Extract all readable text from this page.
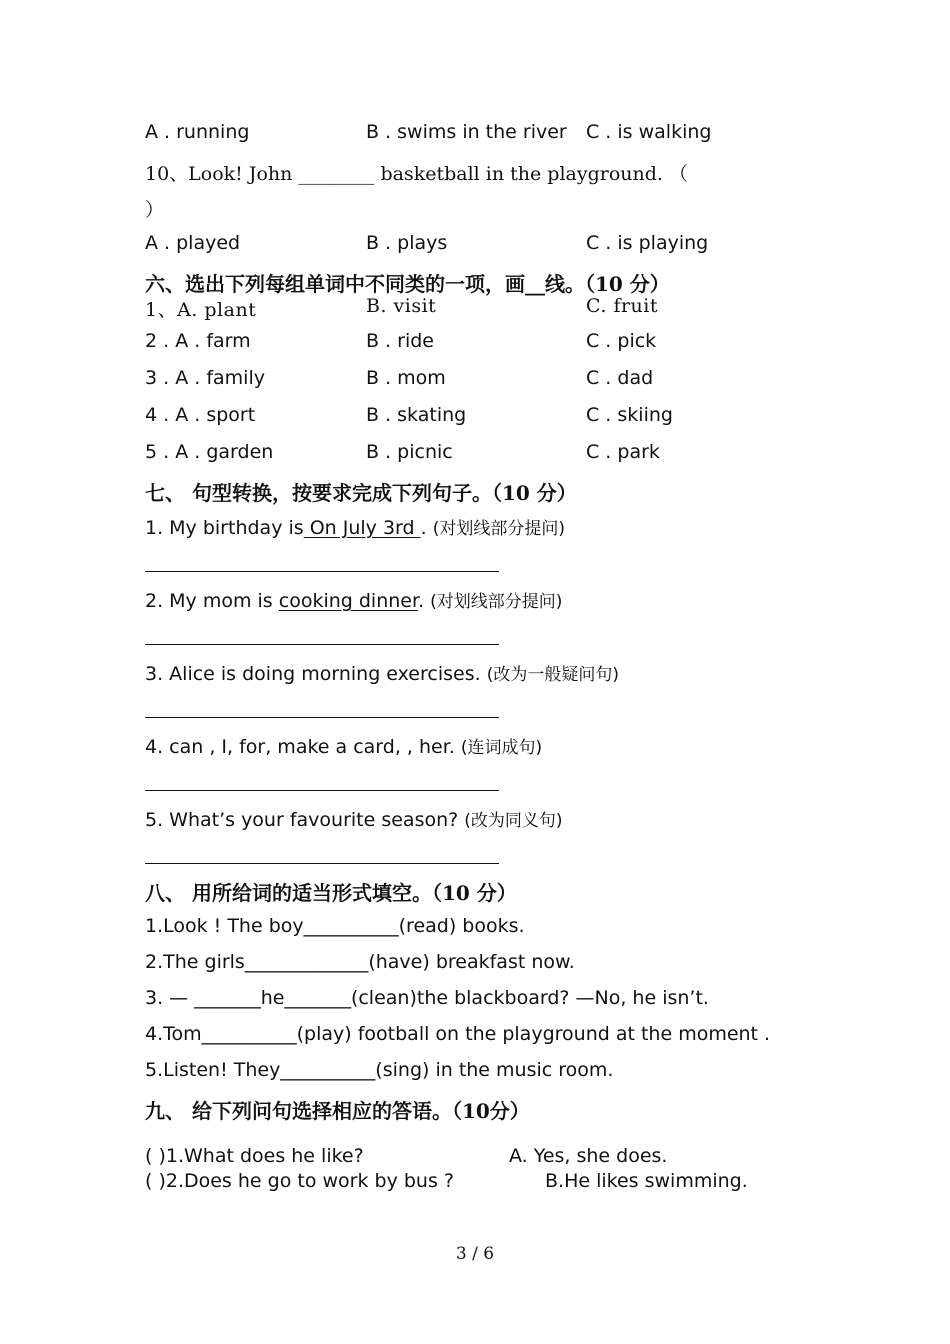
A . running	B . swims in the river C . is walking
10、Look! John ________ basketball in the playground. （
）
A . played	B . plays	C . is playing
六、选出下列每组单词中不同类的一项，画__线。（10 分）
1、A. plant	B. visit	C. fruit
2 . A . farm	B . ride	C . pick
3 . A . family	B . mom	C . dad
4 . A . sport	B . skating	C . skiing
5 . A . garden	B . picnic	C . park
七、 句型转换，按要求完成下列句子。（10 分）
1. My birthday is On July 3rd . (对划线部分提问)
2. My mom is cooking dinner. (对划线部分提问)
3. Alice is doing morning exercises. (改为一般疑问句)
4. can , I, for, make a card, , her. (连词成句)
5. What’s your favourite season? (改为同义句)
八、 用所给词的适当形式填空。（10 分）
1.Look ! The boy__________(read) books.
2.The girls_____________(have) breakfast now.
3. — _______he_______(clean)the blackboard? —No, he isn’t.
4.Tom__________(play) football on the playground at the moment .
5.Listen! They__________(sing) in the music room.
九、 给下列问句选择相应的答语。（10分）
( )1.What does he like?	A. Yes, she does.
( )2.Does he go to work by bus ?	B.He likes swimming.
3 / 6
